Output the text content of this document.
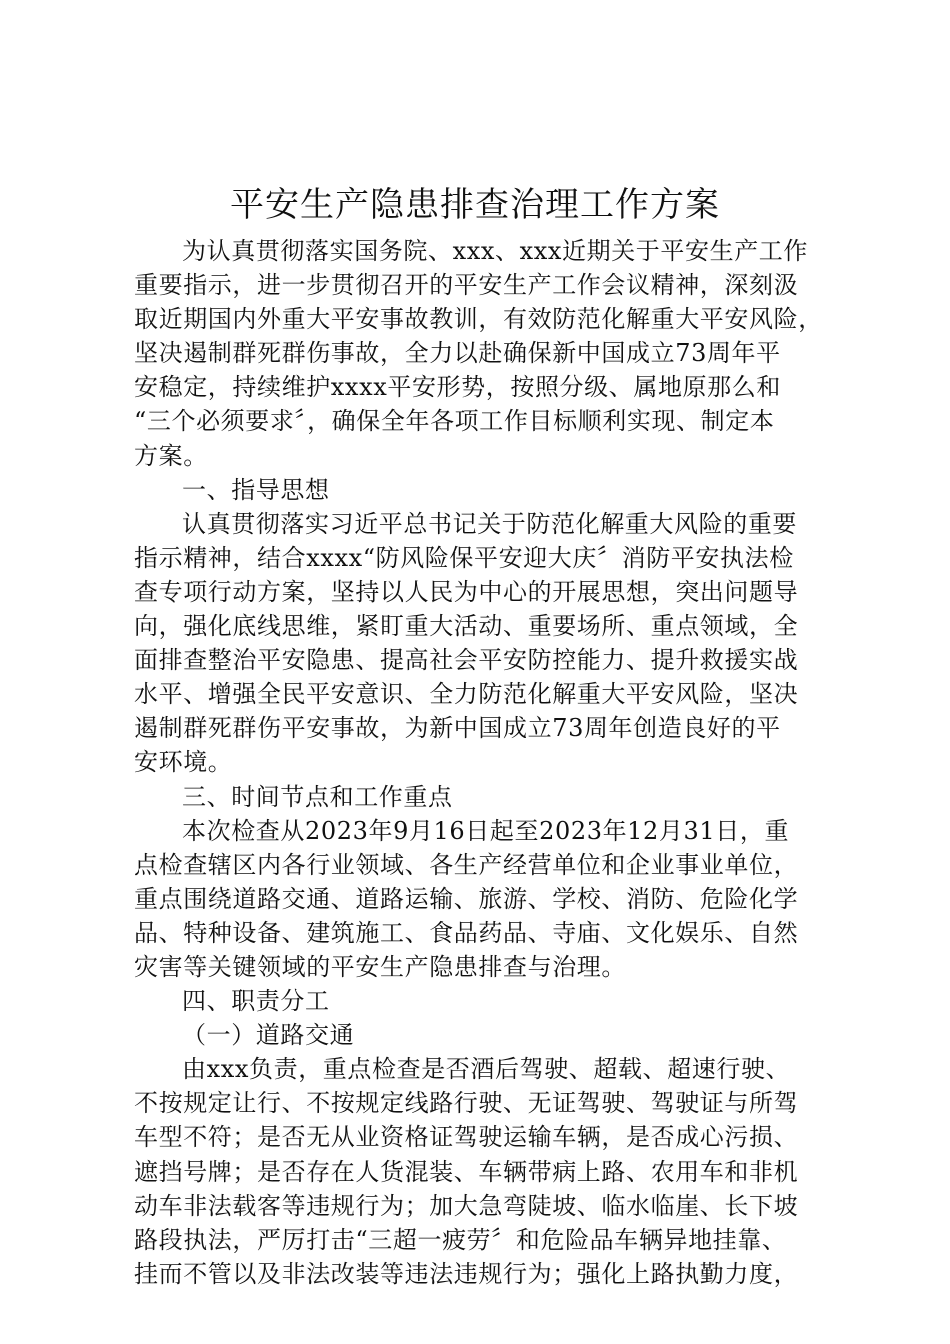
平安生产隐患排查治理工作方案
为认真贯彻落实国务院、xxx、xxx近期关于平安生产工作
重要指示，进一步贯彻召开的平安生产工作会议精神，深刻汲
取近期国内外重大平安事故教训，有效防范化解重大平安风险，
坚决遏制群死群伤事故，全力以赴确保新中国成立73周年平
安稳定，持续维护xxxx平安形势，按照分级、属地原那么和
“三个必须要求〞，确保全年各项工作目标顺利实现、制定本
方案。
一、指导思想
认真贯彻落实习近平总书记关于防范化解重大风险的重要
指示精神，结合xxxx“防风险保平安迎大庆〞消防平安执法检
查专项行动方案，坚持以人民为中心的开展思想，突出问题导
向，强化底线思维，紧盯重大活动、重要场所、重点领域，全
面排查整治平安隐患、提高社会平安防控能力、提升救援实战
水平、增强全民平安意识、全力防范化解重大平安风险，坚决
遏制群死群伤平安事故，为新中国成立73周年创造良好的平
安环境。
三、时间节点和工作重点
本次检查从2023年9月16日起至2023年12月31日，重
点检查辖区内各行业领域、各生产经营单位和企业事业单位，
重点围绕道路交通、道路运输、旅游、学校、消防、危险化学
品、特种设备、建筑施工、食品药品、寺庙、文化娱乐、自然
灾害等关键领域的平安生产隐患排查与治理。
四、职责分工
（一）道路交通
由xxx负责，重点检查是否酒后驾驶、超载、超速行驶、
不按规定让行、不按规定线路行驶、无证驾驶、驾驶证与所驾
车型不符；是否无从业资格证驾驶运输车辆，是否成心污损、
遮挡号牌；是否存在人货混装、车辆带病上路、农用车和非机
动车非法载客等违规行为；加大急弯陡坡、临水临崖、长下坡
路段执法，严厉打击“三超一疲劳〞和危险品车辆异地挂靠、
挂而不管以及非法改装等违法违规行为；强化上路执勤力度，
